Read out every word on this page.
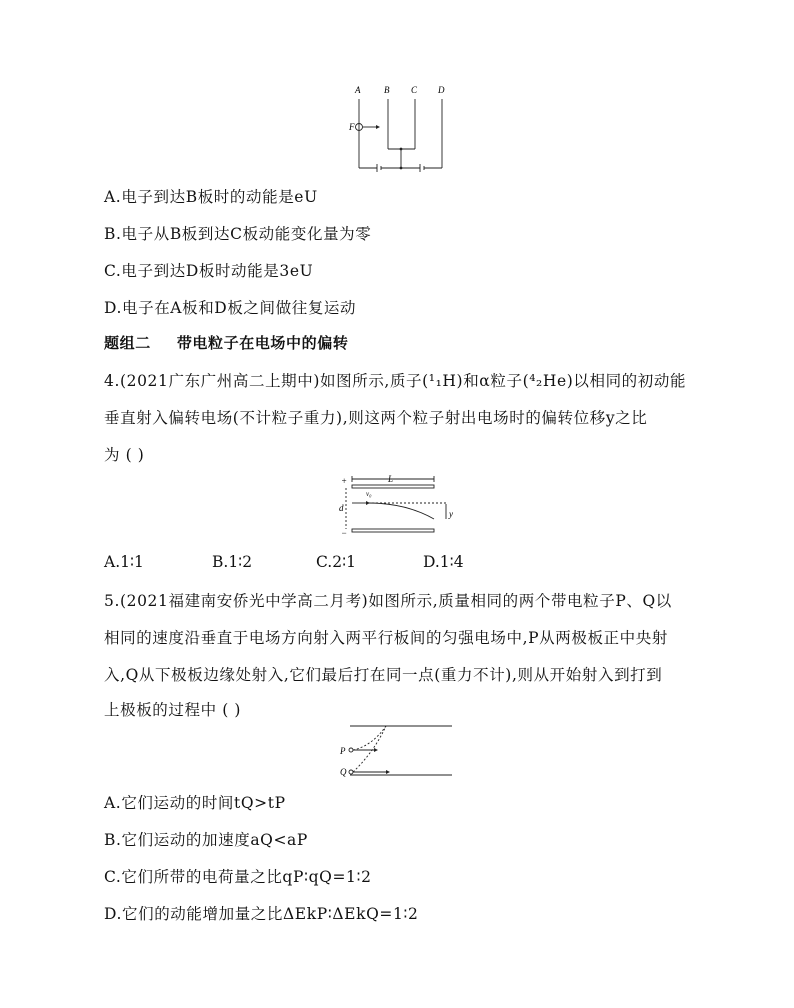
A	B C D
F
A.电子到达B板时的动能是eU
B.电子从B板到达C板动能变化量为零
C.电子到达D板时动能是3eU
D.电子在A板和D板之间做往复运动
题组二 带电粒子在电场中的偏转
4.(2021广东广州高二上期中)如图所示,质子(¹₁H)和α粒子(⁴₂He)以相同的初动能
垂直射入偏转电场(不计粒子重力),则这两个粒子射出电场时的偏转位移y之比
为 ( )
+
−
L
d
v₀
y
A.1∶1	B.1∶2	C.2∶1	D.1∶4
5.(2021福建南安侨光中学高二月考)如图所示,质量相同的两个带电粒子P、Q以
相同的速度沿垂直于电场方向射入两平行板间的匀强电场中,P从两极板正中央射
入,Q从下极板边缘处射入,它们最后打在同一点(重力不计),则从开始射入到打到
上极板的过程中 ( )
P
Q
A.它们运动的时间tQ>tP
B.它们运动的加速度aQ<aP
C.它们所带的电荷量之比qP∶qQ=1∶2
D.它们的动能增加量之比ΔEkP∶ΔEkQ=1∶2
